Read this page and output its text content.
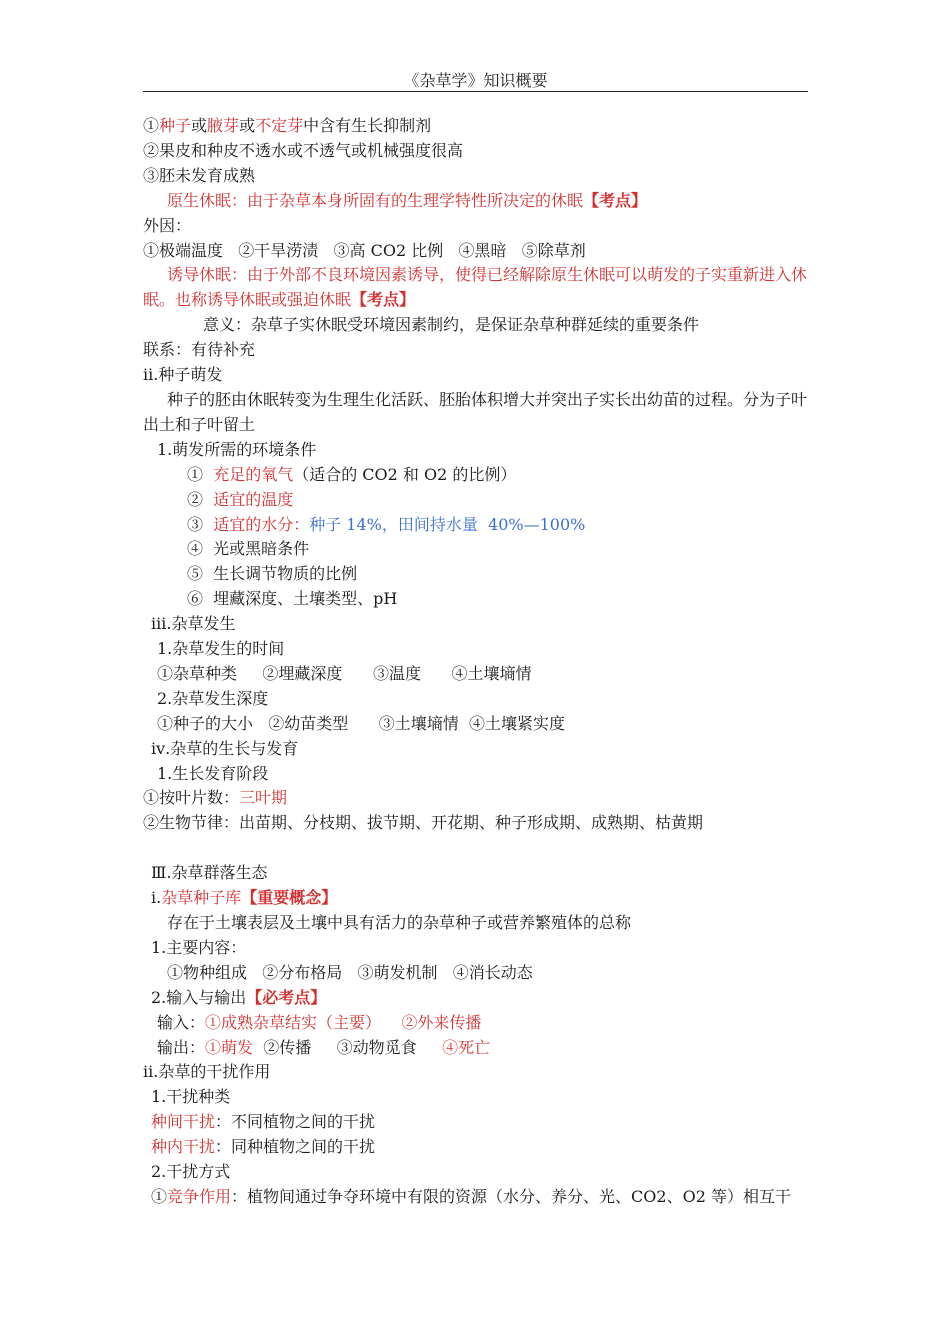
《杂草学》知识概要
①种子或腋芽或不定芽中含有生长抑制剂
②果皮和种皮不透水或不透气或机械强度很高
③胚未发育成熟
原生休眠：由于杂草本身所固有的生理学特性所决定的休眠【考点】
外因：
①极端温度   ②干旱涝渍   ③高 CO2 比例   ④黑暗   ⑤除草剂
诱导休眠：由于外部不良环境因素诱导，使得已经解除原生休眠可以萌发的子实重新进入休眠。也称诱导休眠或强迫休眠【考点】
意义：杂草子实休眠受环境因素制约，是保证杂草种群延续的重要条件
联系：有待补充
ⅱ.种子萌发
种子的胚由休眠转变为生理生化活跃、胚胎体积增大并突出子实长出幼苗的过程。分为子叶出土和子叶留土
1.萌发所需的环境条件
①  充足的氧气（适合的 CO2 和 O2 的比例）
②  适宜的温度
③  适宜的水分：种子 14%，田间持水量  40%—100%
④  光或黑暗条件
⑤  生长调节物质的比例
⑥  埋藏深度、土壤类型、pH
ⅲ.杂草发生
1.杂草发生的时间
①杂草种类     ②埋藏深度      ③温度      ④土壤墒情
2.杂草发生深度
①种子的大小   ②幼苗类型      ③土壤墒情  ④土壤紧实度
ⅳ.杂草的生长与发育
1.生长发育阶段
①按叶片数：三叶期
②生物节律：出苗期、分枝期、拔节期、开花期、种子形成期、成熟期、枯黄期
Ⅲ.杂草群落生态
ⅰ.杂草种子库【重要概念】
存在于土壤表层及土壤中具有活力的杂草种子或营养繁殖体的总称
1.主要内容：
①物种组成   ②分布格局   ③萌发机制   ④消长动态
2.输入与输出【必考点】
输入：①成熟杂草结实（主要）    ②外来传播
输出：①萌发  ②传播     ③动物觅食     ④死亡
ⅱ.杂草的干扰作用
1.干扰种类
种间干扰：不同植物之间的干扰
种内干扰：同种植物之间的干扰
2.干扰方式
①竞争作用：植物间通过争夺环境中有限的资源（水分、养分、光、CO2、O2 等）相互干
